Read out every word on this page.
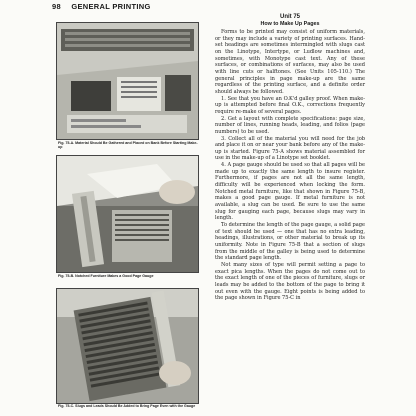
98 GENERAL PRINTING
Fig. 75-A. Material Should Be Gathered and Placed on Bank Before Starting Make-up
Fig. 75-B. Notched Furniture Makes a Good Page Gauge
Fig. 75-C. Slugs and Leads Should Be Added to Bring Page Even with the Gauge
Unit 75
How to Make Up Pages

Forms to be printed may consist of uniform materials, or they may include a variety of printing surfaces. Hand-set headings are sometimes intermingled with slugs cast on the Linotype, Intertype, or Ludlow machines and, sometimes, with Monotype cast text. Any of these surfaces, or combinations of surfaces, may also be used with line cuts or halftones. (See Units 105-110.) The general principles in page make-up are the same regardless of the printing surface, and a definite order should always be followed.

1. See that you have an O.K'd galley proof. When make-up is attempted before final O.K., corrections frequently require re-make of several pages.

2. Get a layout with complete specifications: page size, number of lines, running heads, leading, and folios (page numbers) to be used.

3. Collect all of the material you will need for the job and place it on or near your bank before any of the make-up is started. Figure 75-A shows material assembled for use in the make-up of a Linotype set booklet.

4. A page gauge should be used so that all pages will be made up to exactly the same length to insure register. Furthermore, if pages are not all the same length, difficulty will be experienced when locking the form. Notched metal furniture, like that shown in Figure 75-B, makes a good page gauge. If metal furniture is not available, a slug can be used. Be sure to use the same slug for gauging each page, because slugs may vary in length.

To determine the length of the page gauge, a solid page of text should be used — one that has no extra leading, headings, illustrations, or other material to break up its uniformity. Note in Figure 75-B that a section of slugs from the middle of the galley is being used to determine the standard page length.

Not many sizes of type will permit setting a page to exact pica lengths. When the pages do not come out to the exact length of one of the pieces of furniture, slugs or leads may be added to the bottom of the page to bring it out even with the gauge. Eight points is being added to the page shown in Figure 75-C in
